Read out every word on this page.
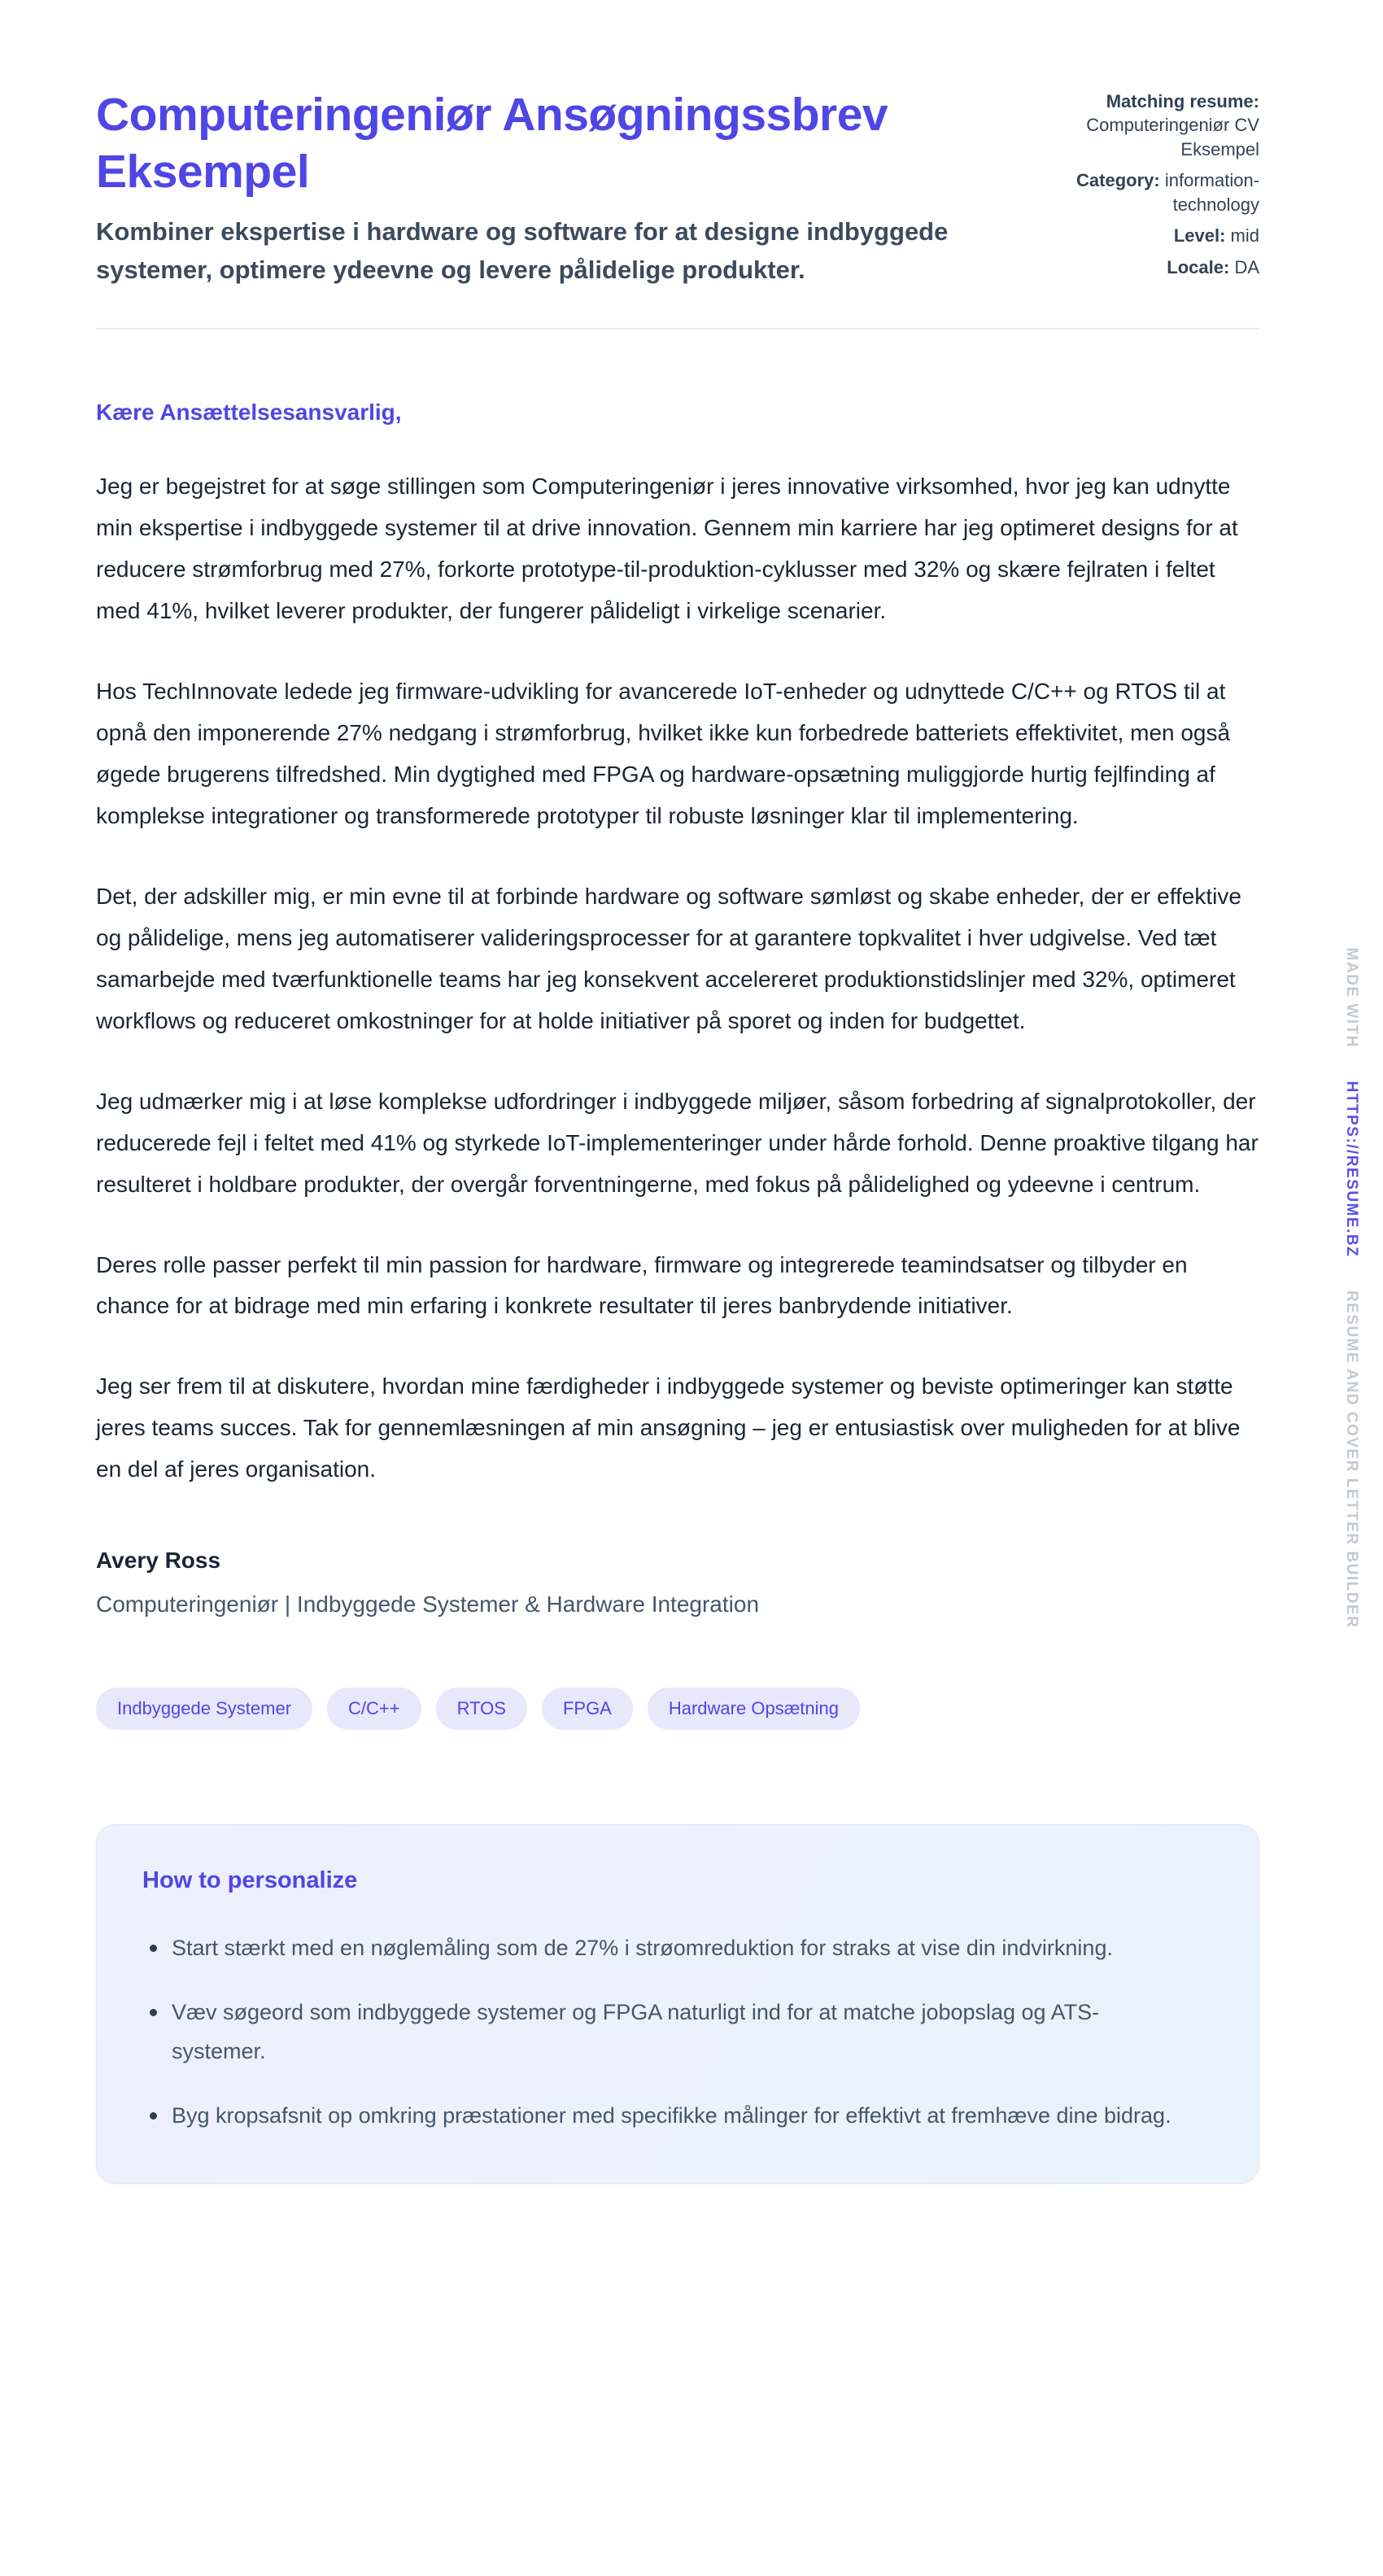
Computeringeniør Ansøgningssbrev Eksempel

Kombiner ekspertise i hardware og software for at designe indbyggede systemer, optimere ydeevne og levere pålidelige produkter.

Matching resume: Computeringeniør CV Eksempel
Category: information-technology
Level: mid
Locale: DA

Kære Ansættelsesansvarlig,

Jeg er begejstret for at søge stillingen som Computeringeniør i jeres innovative virksomhed, hvor jeg kan udnytte min ekspertise i indbyggede systemer til at drive innovation. Gennem min karriere har jeg optimeret designs for at reducere strømforbrug med 27%, forkorte prototype-til-produktion-cyklusser med 32% og skære fejlraten i feltet med 41%, hvilket leverer produkter, der fungerer pålideligt i virkelige scenarier.

Hos TechInnovate ledede jeg firmware-udvikling for avancerede IoT-enheder og udnyttede C/C++ og RTOS til at opnå den imponerende 27% nedgang i strømforbrug, hvilket ikke kun forbedrede batteriets effektivitet, men også øgede brugerens tilfredshed. Min dygtighed med FPGA og hardware-opsætning muliggjorde hurtig fejlfinding af komplekse integrationer og transformerede prototyper til robuste løsninger klar til implementering.

Det, der adskiller mig, er min evne til at forbinde hardware og software sømløst og skabe enheder, der er effektive og pålidelige, mens jeg automatiserer valideringsprocesser for at garantere topkvalitet i hver udgivelse. Ved tæt samarbejde med tværfunktionelle teams har jeg konsekvent accelereret produktionstidslinjer med 32%, optimeret workflows og reduceret omkostninger for at holde initiativer på sporet og inden for budgettet.

Jeg udmærker mig i at løse komplekse udfordringer i indbyggede miljøer, såsom forbedring af signalprotokoller, der reducerede fejl i feltet med 41% og styrkede IoT-implementeringer under hårde forhold. Denne proaktive tilgang har resulteret i holdbare produkter, der overgår forventningerne, med fokus på pålidelighed og ydeevne i centrum.

Deres rolle passer perfekt til min passion for hardware, firmware og integrerede teamindsatser og tilbyder en chance for at bidrage med min erfaring i konkrete resultater til jeres banbrydende initiativer.

Jeg ser frem til at diskutere, hvordan mine færdigheder i indbyggede systemer og beviste optimeringer kan støtte jeres teams succes. Tak for gennemlæsningen af min ansøgning – jeg er entusiastisk over muligheden for at blive en del af jeres organisation.

Avery Ross
Computeringeniør | Indbyggede Systemer & Hardware Integration
Indbyggede Systemer	C/C++	RTOS	FPGA	Hardware Opsætning
How to personalize
Start stærkt med en nøglemåling som de 27% i strøomreduktion for straks at vise din indvirkning.
Væv søgeord som indbyggede systemer og FPGA naturligt ind for at matche jobopslag og ATS-systemer.
Byg kropsafsnit op omkring præstationer med specifikke målinger for effektivt at fremhæve dine bidrag.
MADE WITH HTTPS://RESUME.BZ RESUME AND COVER LETTER BUILDER
